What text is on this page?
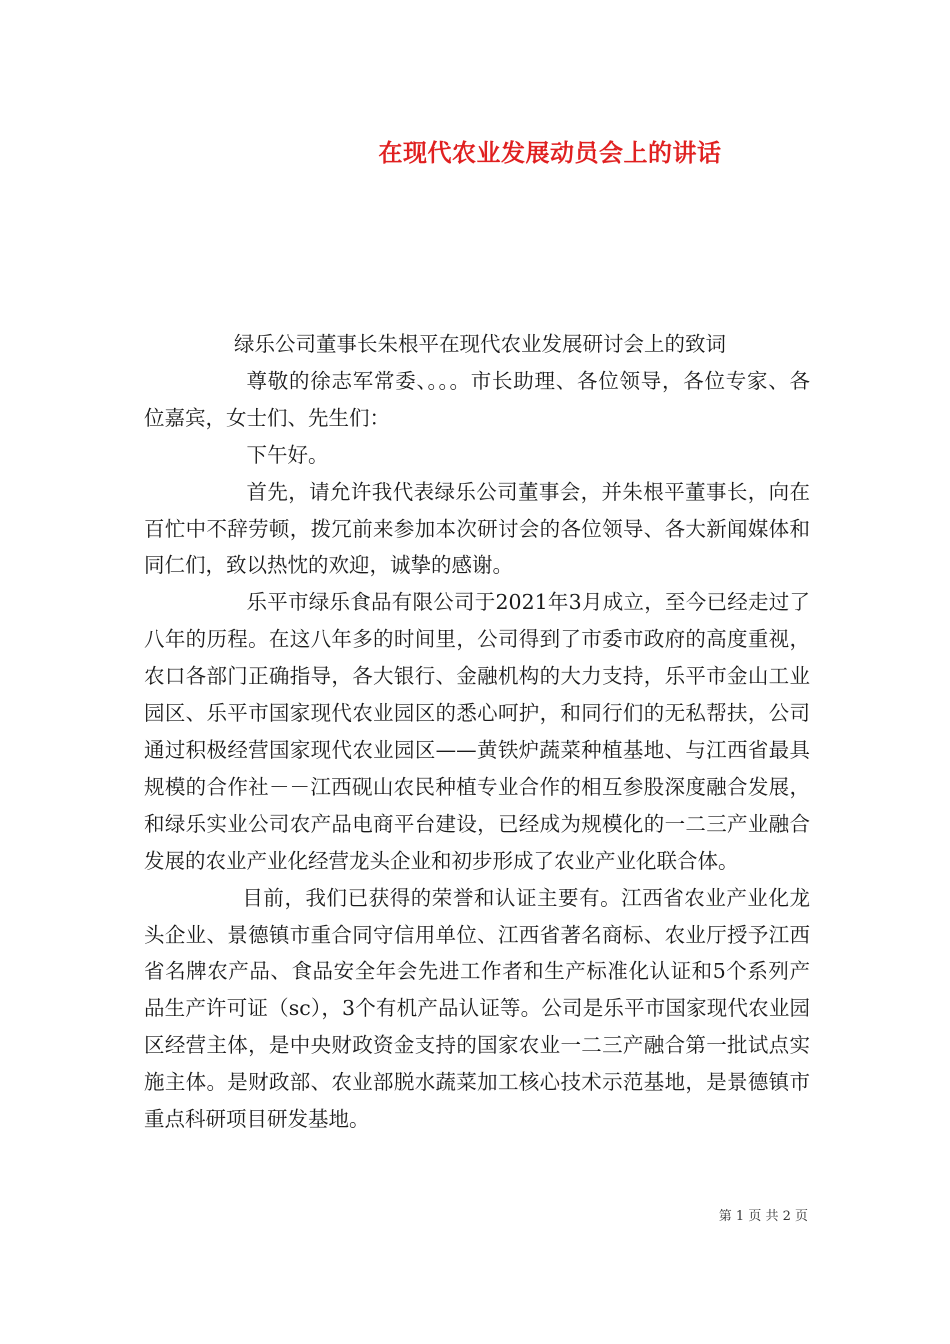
在现代农业发展动员会上的讲话

绿乐公司董事长朱根平在现代农业发展研讨会上的致词

尊敬的徐志军常委、。。。市长助理、各位领导，各位专家、各位嘉宾，女士们、先生们：

下午好。

首先，请允许我代表绿乐公司董事会，并朱根平董事长，向在百忙中不辞劳顿，拨冗前来参加本次研讨会的各位领导、各大新闻媒体和同仁们，致以热忱的欢迎，诚挚的感谢。

乐平市绿乐食品有限公司于2021年3月成立，至今已经走过了八年的历程。在这八年多的时间里，公司得到了市委市政府的高度重视，农口各部门正确指导，各大银行、金融机构的大力支持，乐平市金山工业园区、乐平市国家现代农业园区的悉心呵护，和同行们的无私帮扶，公司通过积极经营国家现代农业园区——黄铁炉蔬菜种植基地、与江西省最具规模的合作社－－江西砚山农民种植专业合作的相互参股深度融合发展，和绿乐实业公司农产品电商平台建设，已经成为规模化的一二三产业融合发展的农业产业化经营龙头企业和初步形成了农业产业化联合体。

目前，我们已获得的荣誉和认证主要有。江西省农业产业化龙头企业、景德镇市重合同守信用单位、江西省著名商标、农业厅授予江西省名牌农产品、食品安全年会先进工作者和生产标准化认证和5个系列产品生产许可证（sc），3个有机产品认证等。公司是乐平市国家现代农业园区经营主体，是中央财政资金支持的国家农业一二三产融合第一批试点实施主体。是财政部、农业部脱水蔬菜加工核心技术示范基地，是景德镇市重点科研项目研发基地。

第 1 页 共 2 页
